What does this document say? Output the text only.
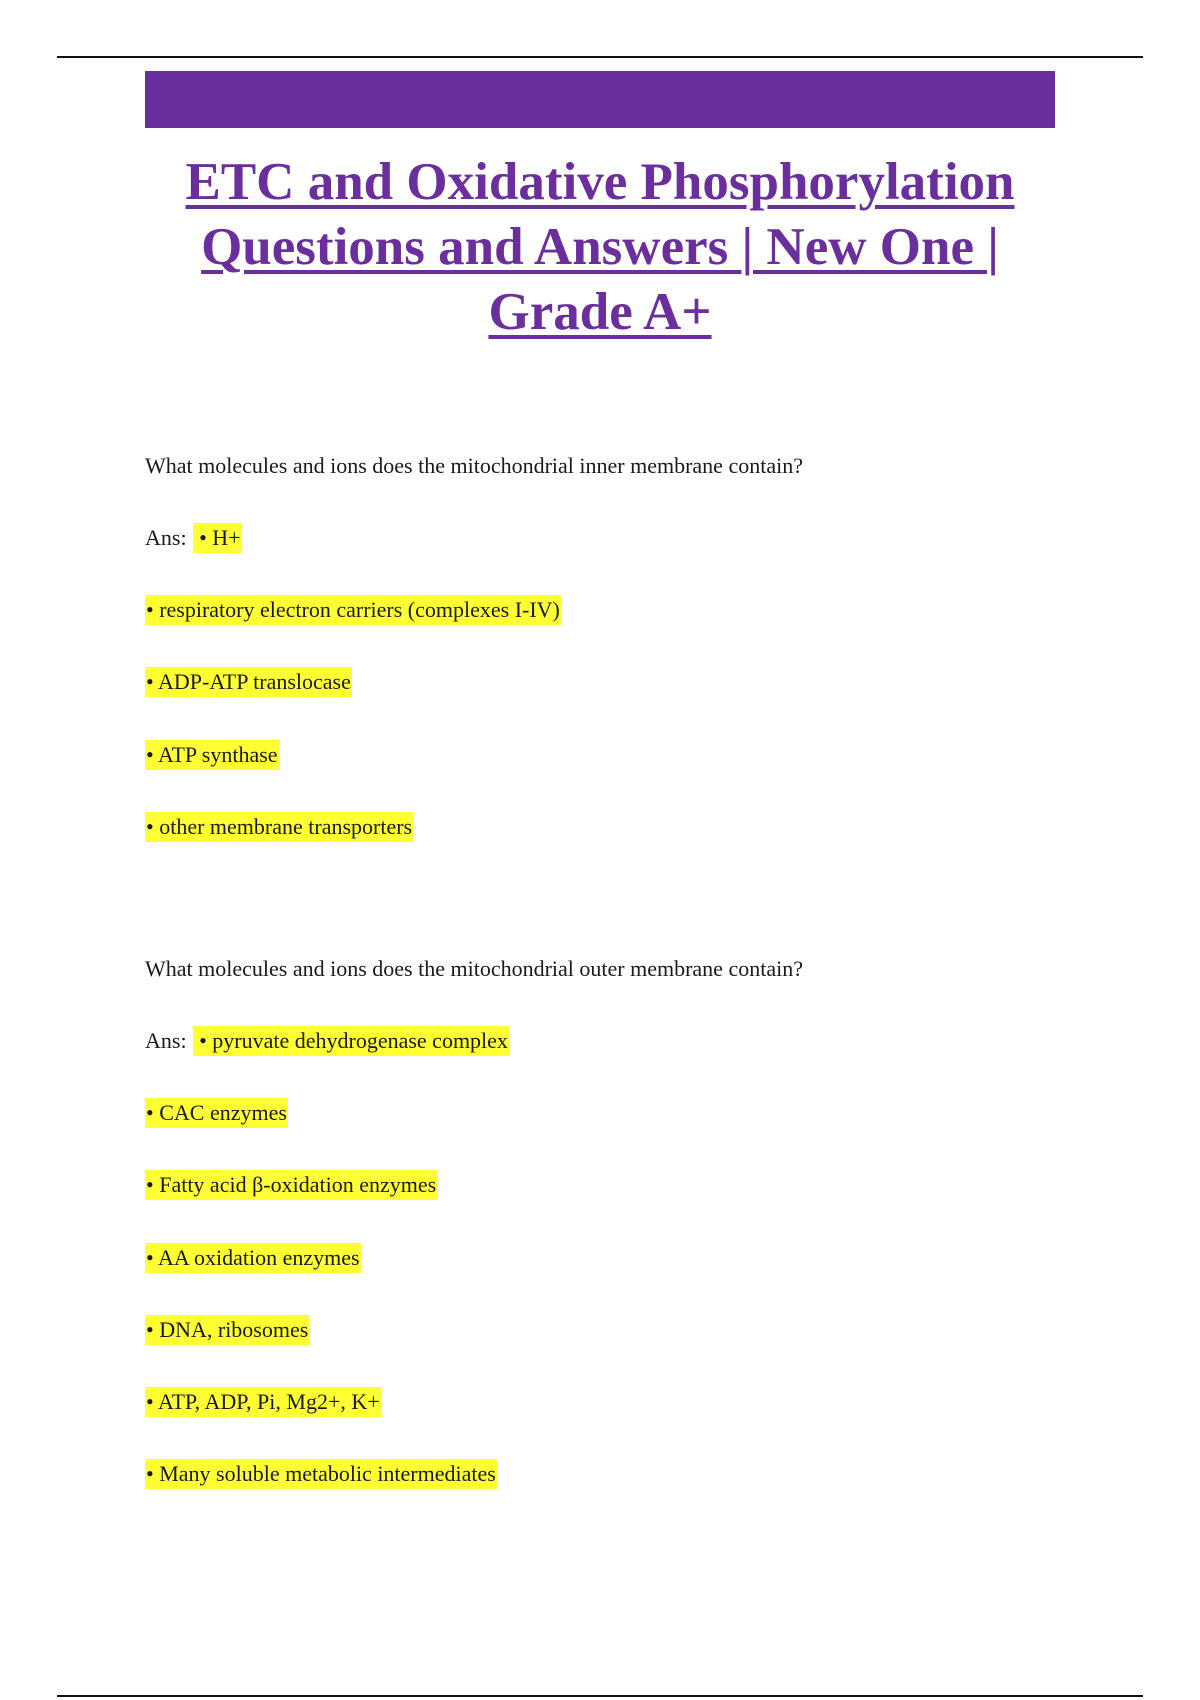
ETC and Oxidative Phosphorylation
Questions and Answers | New One |
Grade A+
What molecules and ions does the mitochondrial inner membrane contain?
Ans: • H+
• respiratory electron carriers (complexes I-IV)
• ADP-ATP translocase
• ATP synthase
• other membrane transporters
What molecules and ions does the mitochondrial outer membrane contain?
Ans: • pyruvate dehydrogenase complex
• CAC enzymes
• Fatty acid β-oxidation enzymes
• AA oxidation enzymes
• DNA, ribosomes
• ATP, ADP, Pi, Mg2+, K+
• Many soluble metabolic intermediates
